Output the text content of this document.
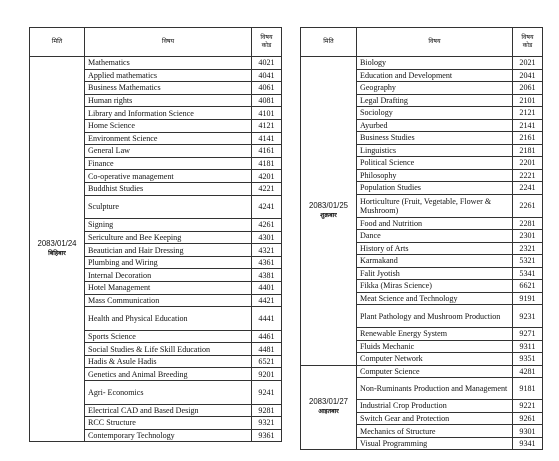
मिति	विषय	विषय
कोड
2083/01/24
बिहिबार	Mathematics	4021
	Applied mathematics	4041
	Business Mathematics	4061
	Human rights	4081
	Library and Information Science	4101
	Home Science	4121
	Environment Science	4141
	General Law	4161
	Finance	4181
	Co-operative management	4201
	Buddhist Studies	4221
	Sculpture	4241
	Signing	4261
	Sericulture and Bee Keeping	4301
	Beautician and Hair Dressing	4321
	Plumbing and Wiring	4361
	Internal Decoration	4381
	Hotel Management	4401
	Mass Communication	4421
	Health and Physical Education	4441
	Sports Science	4461
	Social Studies & Life Skill Education	4481
	Hadis & Asule Hadis	6521
	Genetics and Animal Breeding	9201
	Agri- Economics	9241
	Electrical CAD and Based Design	9281
	RCC Structure	9321
	Contemporary Technology	9361
मिति	विषय	विषय
कोड
2083/01/25
शुक्रबार	Biology	2021
	Education and Development	2041
	Geography	2061
	Legal Drafting	2101
	Sociology	2121
	Ayurbed	2141
	Business Studies	2161
	Linguistics	2181
	Political Science	2201
	Philosophy	2221
	Population Studies	2241
	Horticulture (Fruit, Vegetable, Flower & Mushroom)	2261
	Food and Nutrition	2281
	Dance	2301
	History of Arts	2321
	Karmakand	5321
	Falit Jyotish	5341
	Fikka (Miras Science)	6621
	Meat Science and Technology	9191
	Plant Pathology and Mushroom Production	9231
	Renewable Energy System	9271
	Fluids Mechanic	9311
	Computer Network	9351
2083/01/27
आइतबार	Computer Science	4281
	Non-Ruminants Production and Management	9181
	Industrial Crop Production	9221
	Switch Gear and Protection	9261
	Mechanics of Structure	9301
	Visual Programming	9341
